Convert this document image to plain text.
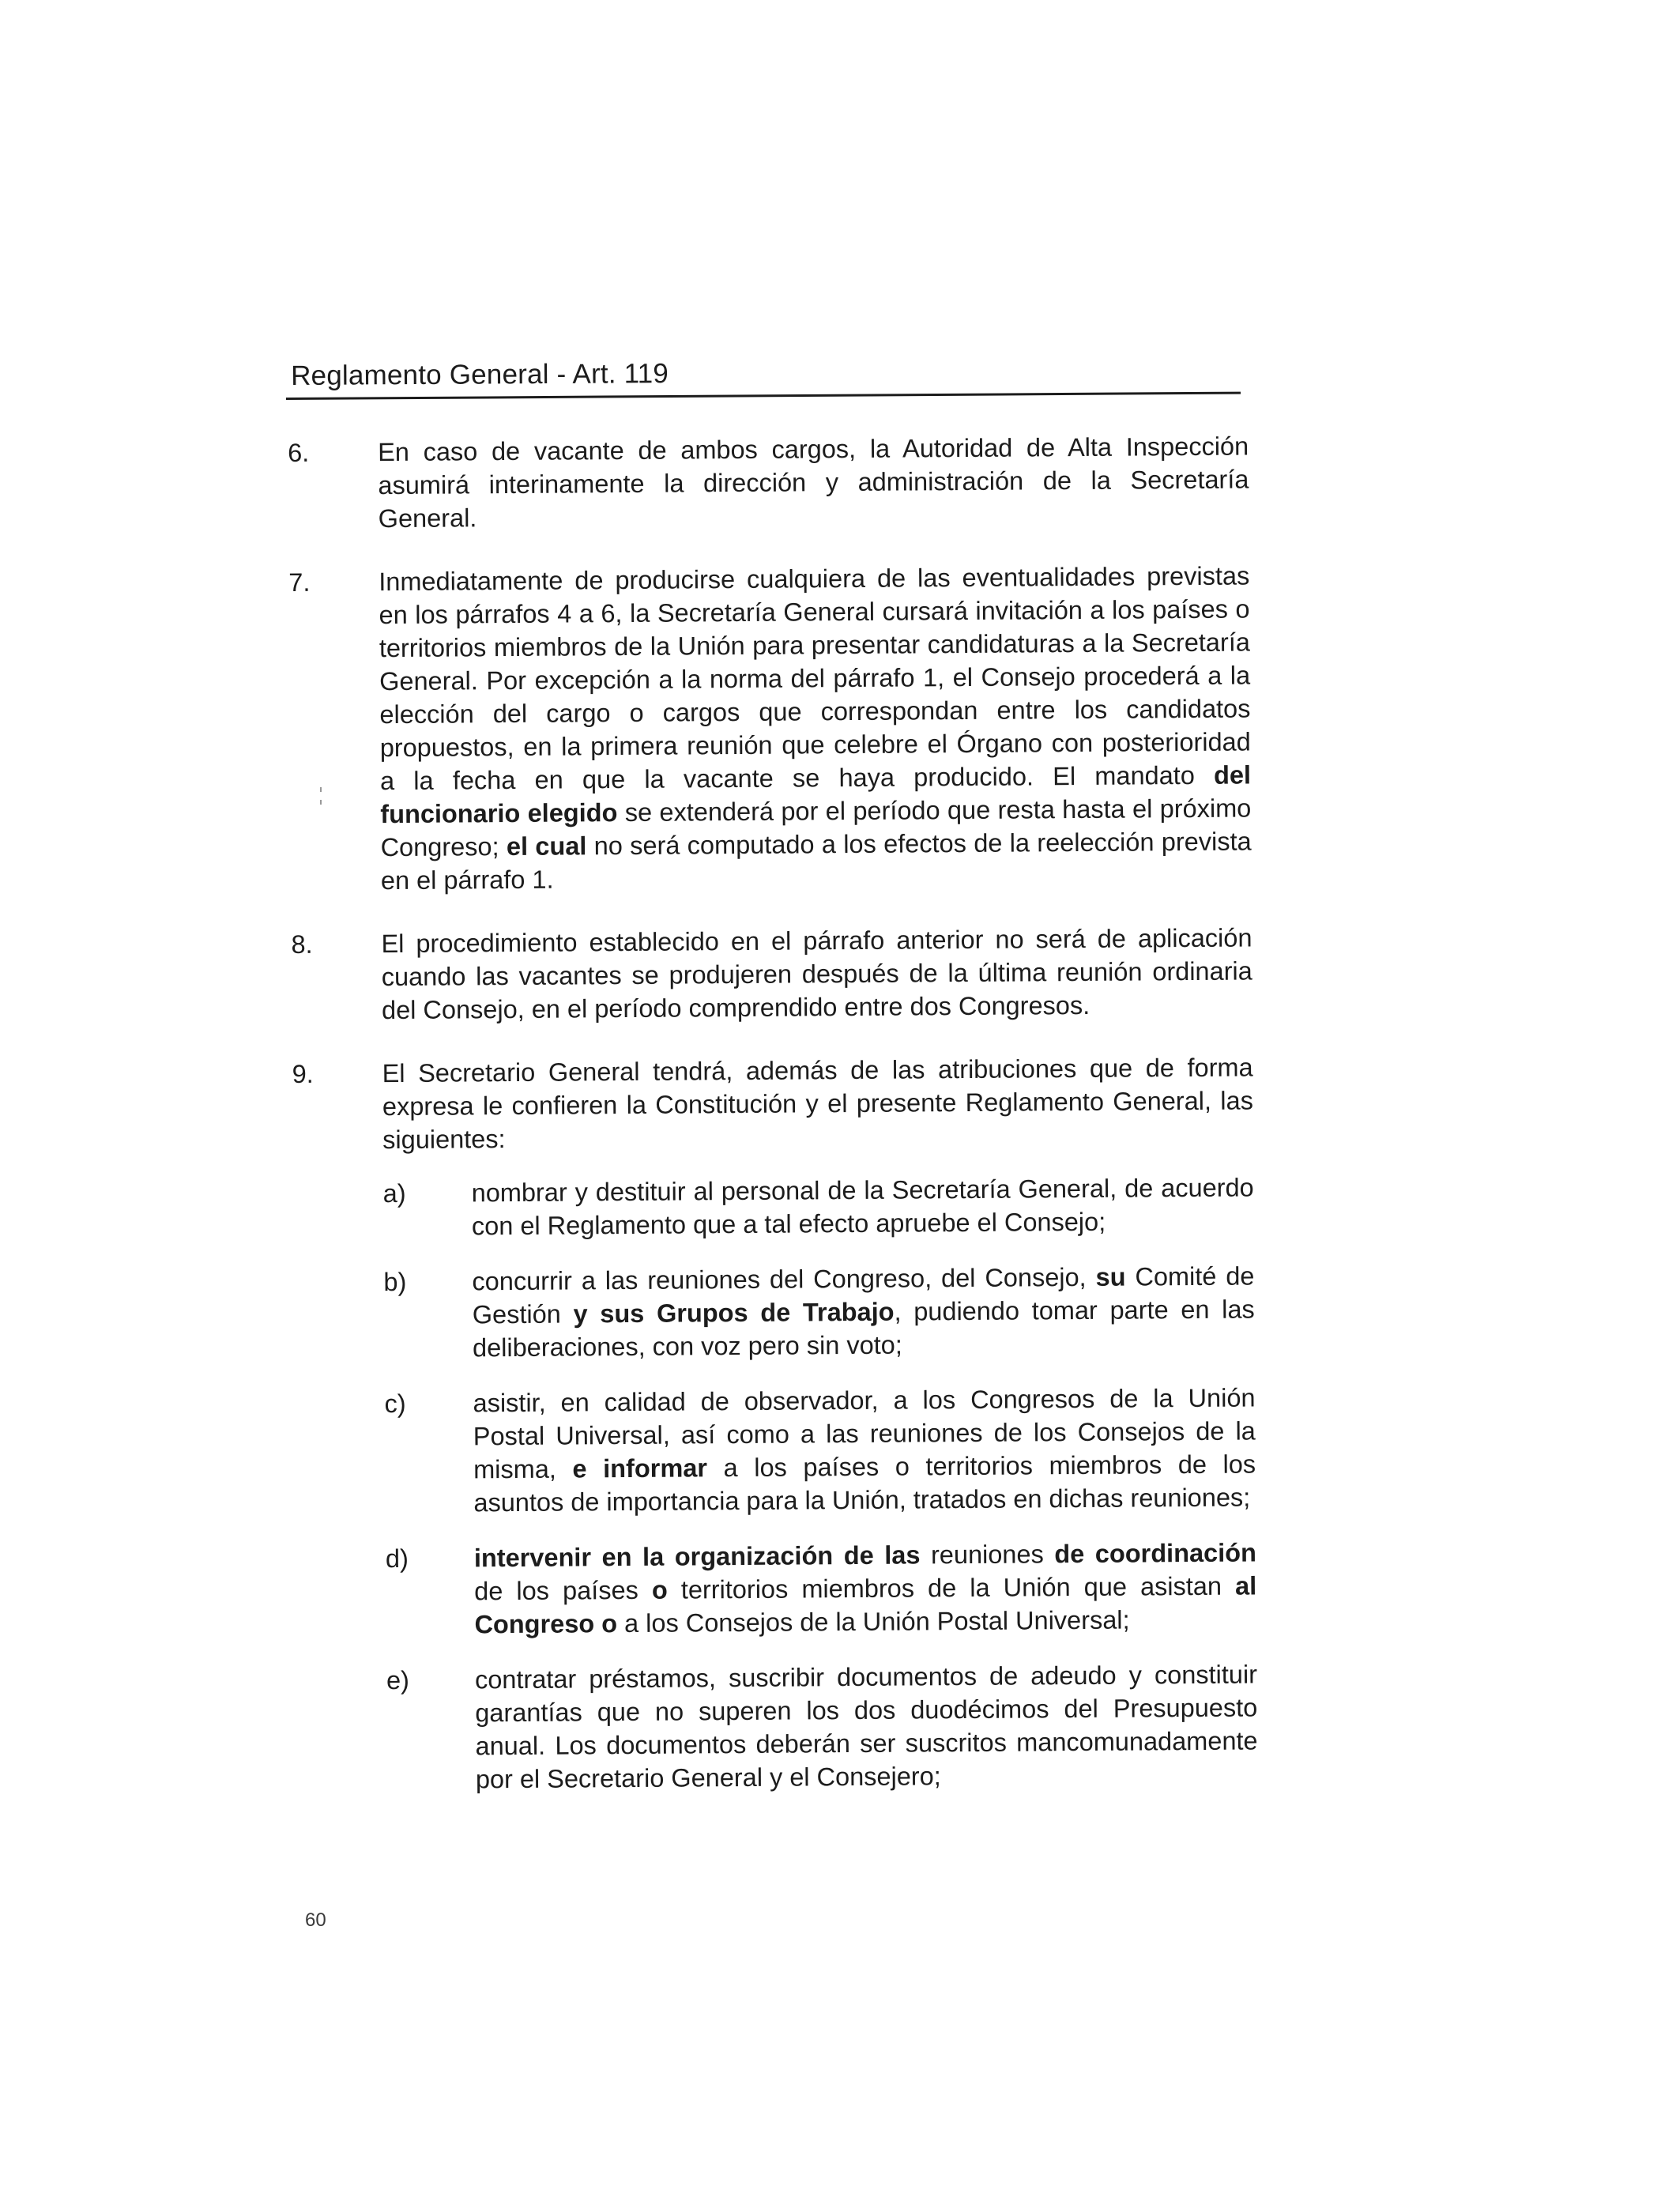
Reglamento General - Art. 119
6.	En caso de vacante de ambos cargos, la Autoridad de Alta Inspección asumirá interinamente la dirección y administración de la Secretaría General.
7.	Inmediatamente de producirse cualquiera de las eventualidades previstas en los párrafos 4 a 6, la Secretaría General cursará invitación a los países o territorios miembros de la Unión para presentar candidaturas a la Secretaría General. Por excepción a la norma del párrafo 1, el Consejo procederá a la elección del cargo o cargos que correspondan entre los candidatos propuestos, en la primera reunión que celebre el Órgano con posterioridad a la fecha en que la vacante se haya producido. El mandato del funcionario elegido se extenderá por el período que resta hasta el próximo Congreso; el cual no será computado a los efectos de la reelección prevista en el párrafo 1.
8.	El procedimiento establecido en el párrafo anterior no será de aplicación cuando las vacantes se produjeren después de la última reunión ordinaria del Consejo, en el período comprendido entre dos Congresos.
9.	El Secretario General tendrá, además de las atribuciones que de forma expresa le confieren la Constitución y el presente Reglamento General, las siguientes:
a)	nombrar y destituir al personal de la Secretaría General, de acuerdo con el Reglamento que a tal efecto apruebe el Consejo;
b)	concurrir a las reuniones del Congreso, del Consejo, su Comité de Gestión y sus Grupos de Trabajo, pudiendo tomar parte en las deliberaciones, con voz pero sin voto;
c)	asistir, en calidad de observador, a los Congresos de la Unión Postal Universal, así como a las reuniones de los Consejos de la misma, e informar a los países o territorios miembros de los asuntos de importancia para la Unión, tratados en dichas reuniones;
d)	intervenir en la organización de las reuniones de coordinación de los países o territorios miembros de la Unión que asistan al Congreso o a los Consejos de la Unión Postal Universal;
e)	contratar préstamos, suscribir documentos de adeudo y constituir garantías que no superen los dos duodécimos del Presupuesto anual. Los documentos deberán ser suscritos mancomunadamente por el Secretario General y el Consejero;
60
